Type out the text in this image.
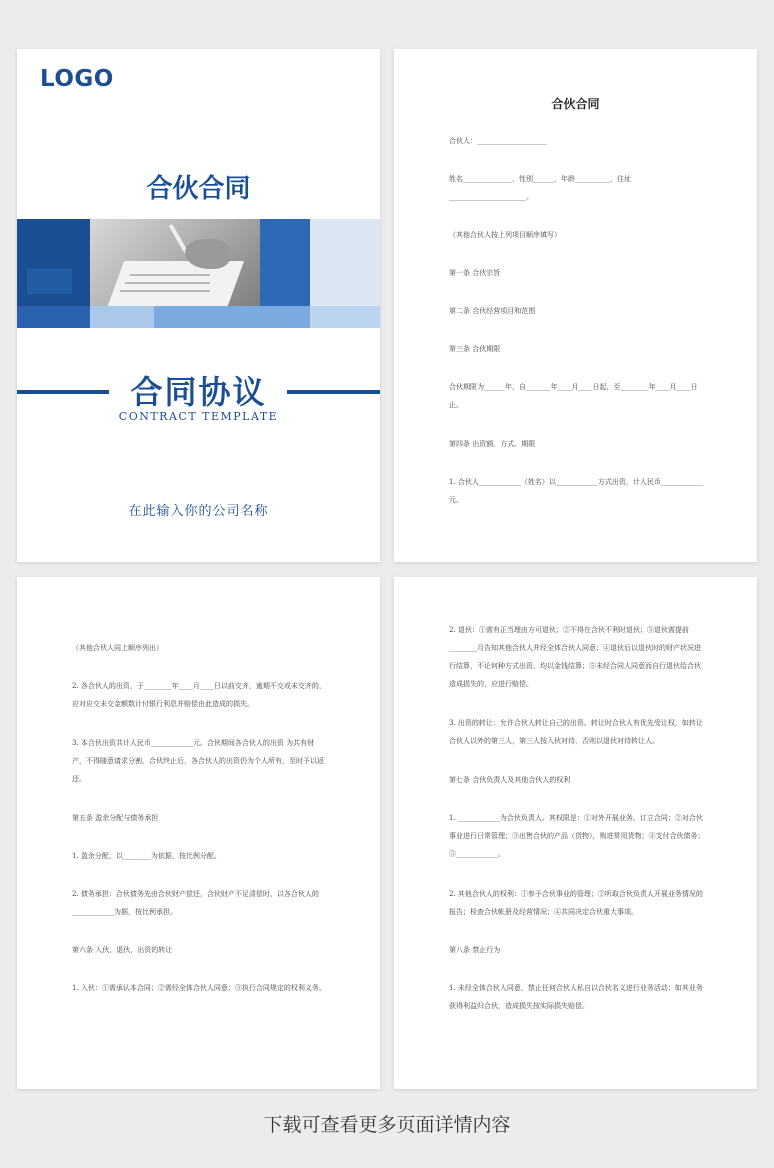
LOGO
合伙合同
合同协议
CONTRACT TEMPLATE
在此输入你的公司名称
合伙合同
合伙人：____________________
姓名______________，性别______，年龄__________，住址______________________。
（其他合伙人按上列项目顺序填写）
第一条 合伙宗旨
第二条 合伙经营项目和范围
第三条 合伙期限
合伙期限为______年，自_______年____月____日起，至________年____月____日止。
第四条 出资额、方式、期限
1. 合伙人____________（姓名）以____________方式出资，计人民币____________元。
（其他合伙人同上顺序列出）
2. 各合伙人的出资，于________年____月____日以前交齐，逾期不交或未交齐的，应对应交未交金额数计付银行利息并赔偿由此造成的损失。
3. 本合伙出资共计人民币____________元。合伙期间各合伙人的出资 为共有财产，不得随意请求分割，合伙终止后，各合伙人的出资仍为个人所有，至时予以返还。
第五条 盈余分配与债务承担
1. 盈余分配，以________为依据，按比例分配。
2. 债务承担：合伙债务先由合伙财产偿还，合伙财产不足清偿时，以各合伙人的____________为据，按比例承担。
第六条 入伙、退伙，出资的转让
1. 入伙：①需承认本合同；②需经全体合伙人同意；③执行合同规定的权利义务。
2. 退伙：①需有正当理由方可退伙；②不得在合伙不利时退伙；③退伙需提前________月告知其他合伙人并经全体合伙人同意；④退伙后以退伙时的财产状况进行结算，不论何种方式出资，均以金钱结算；⑤未经合同人同意而自行退伙给合伙造成损失的，应进行赔偿。
3. 出资的转让：允许合伙人转让自己的出资。转让时合伙人有优先受让权，如转让合伙人以外的第三人，第三人按入伙对待，否则以退伙对待转让人。
第七条 合伙负责人及其他合伙人的权利
1. ____________为合伙负责人。其权限是：①对外开展业务，订立合同；②对合伙事业进行日常管理；③出售合伙的产品（货物），购进常用货物；④支付合伙债务；⑤____________。
2. 其他合伙人的权利：①参予合伙事业的管理；②听取合伙负责人开展业务情况的报告；检查合伙帐册及经营情况；④共同决定合伙重大事项。
第八条 禁止行为
1. 未经全体合伙人同意，禁止任何合伙人私自以合伙名义进行业务活动；如其业务获得利益归合伙，造成损失按实际损失赔偿。
下载可查看更多页面详情内容
